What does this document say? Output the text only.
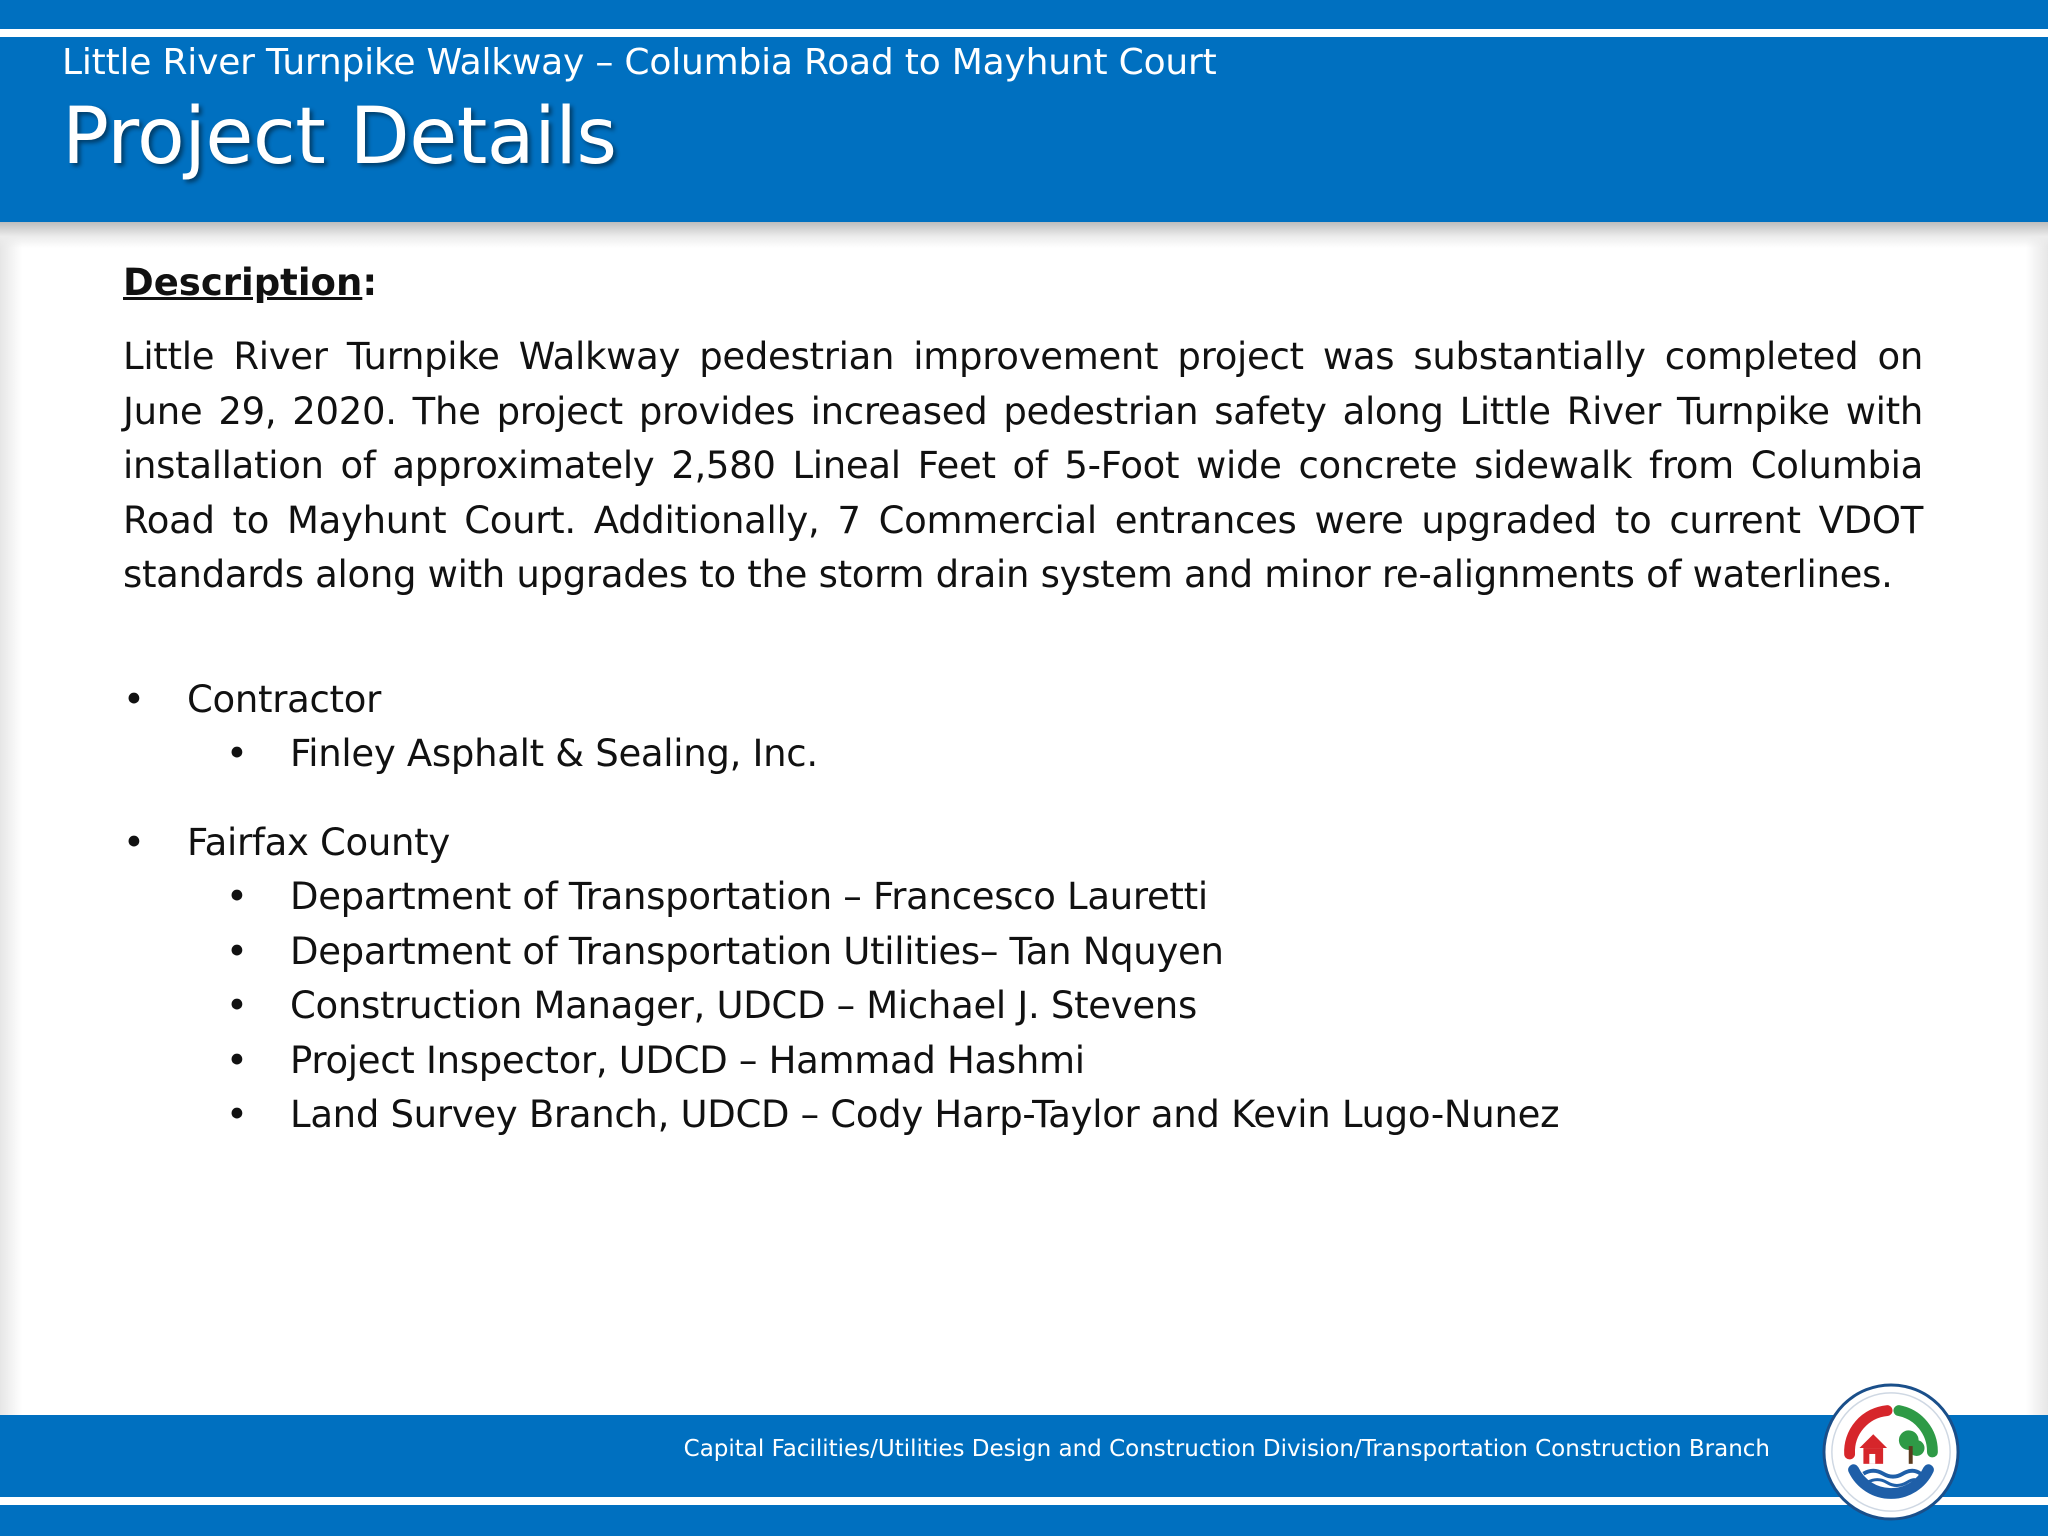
Little River Turnpike Walkway – Columbia Road to Mayhunt Court
Project Details
Description:

Little River Turnpike Walkway pedestrian improvement project was substantially completed on June 29, 2020. The project provides increased pedestrian safety along Little River Turnpike with installation of approximately 2,580 Lineal Feet of 5-Foot wide concrete sidewalk from Columbia Road to Mayhunt Court. Additionally, 7 Commercial entrances were upgraded to current VDOT standards along with upgrades to the storm drain system and minor re-alignments of waterlines.

• Contractor
• Finley Asphalt & Sealing, Inc.
• Fairfax County
• Department of Transportation – Francesco Lauretti
• Department of Transportation Utilities– Tan Nquyen
• Construction Manager, UDCD – Michael J. Stevens
• Project Inspector, UDCD – Hammad Hashmi
• Land Survey Branch, UDCD – Cody Harp-Taylor and Kevin Lugo-Nunez
Capital Facilities/Utilities Design and Construction Division/Transportation Construction Branch
